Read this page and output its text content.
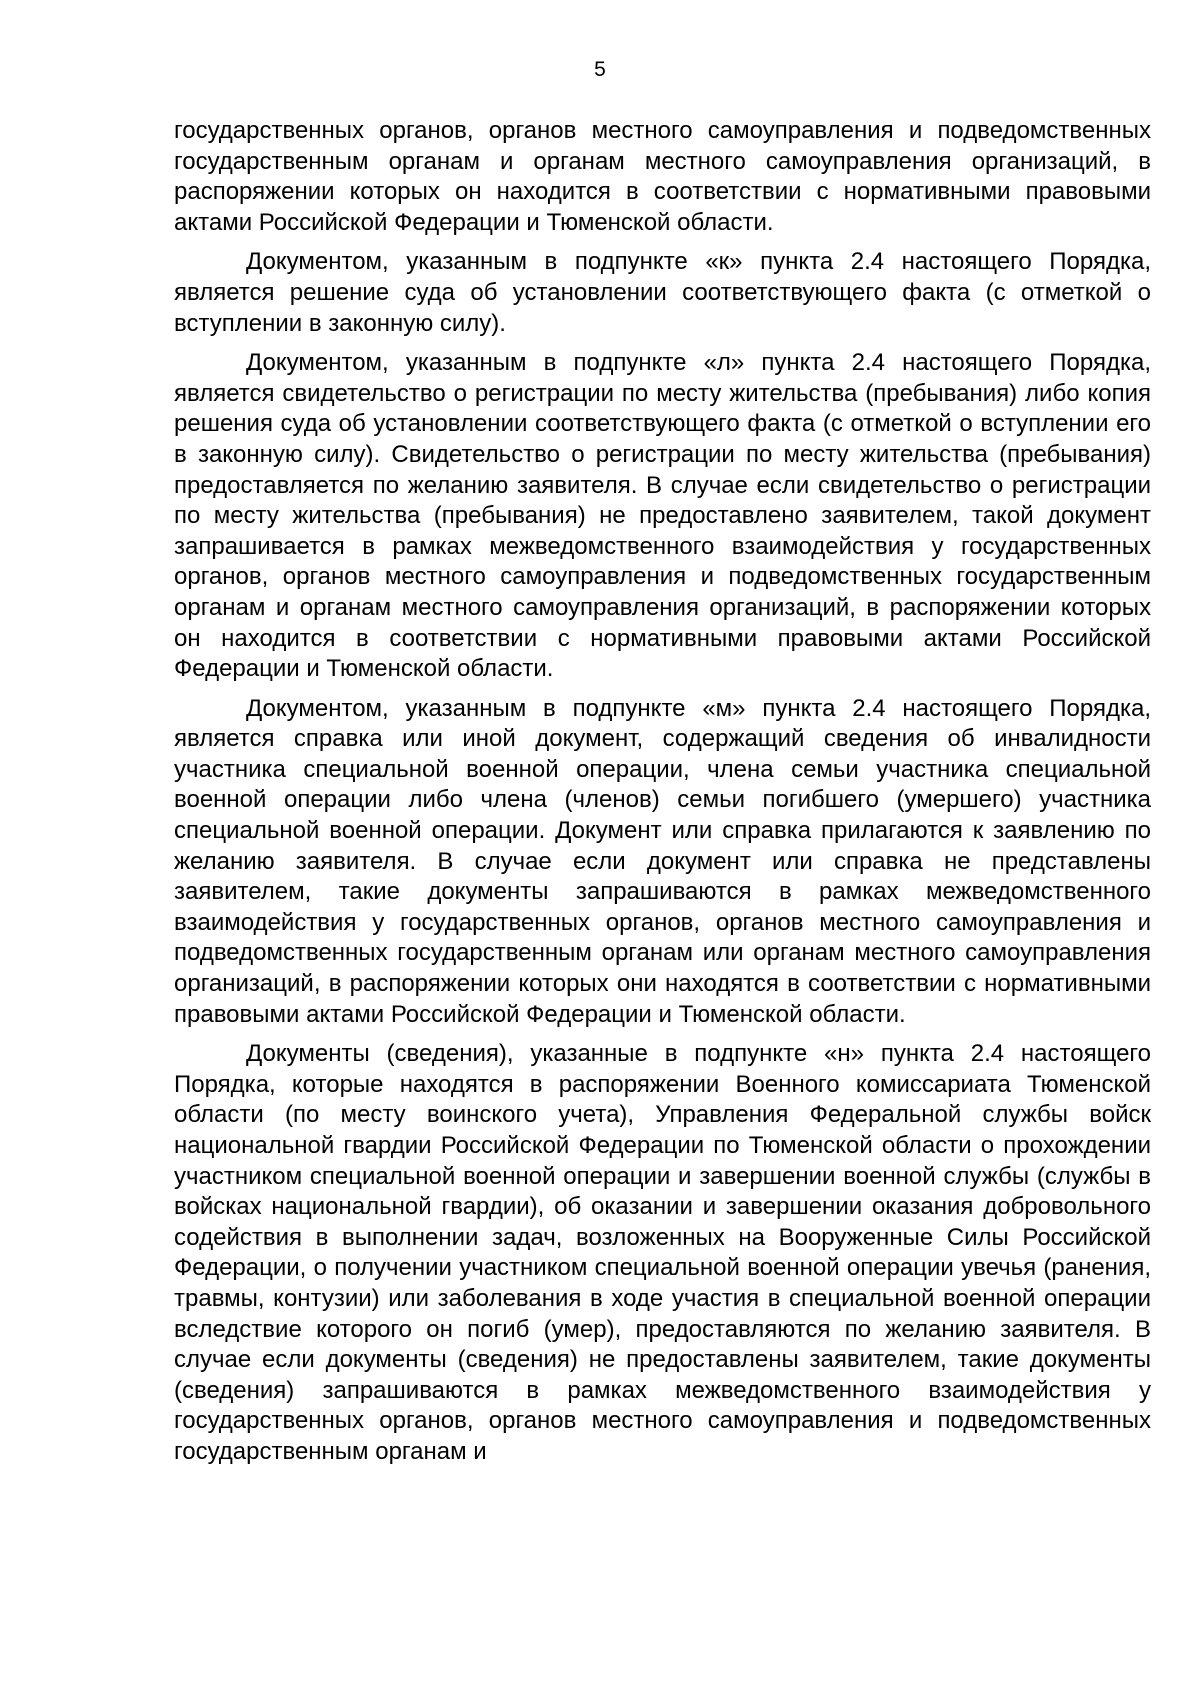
5

государственных органов, органов местного самоуправления и подведомственных государственным органам и органам местного самоуправления организаций, в распоряжении которых он находится в соответствии с нормативными правовыми актами Российской Федерации и Тюменской области.

Документом, указанным в подпункте «к» пункта 2.4 настоящего Порядка, является решение суда об установлении соответствующего факта (с отметкой о вступлении в законную силу).

Документом, указанным в подпункте «л» пункта 2.4 настоящего Порядка, является свидетельство о регистрации по месту жительства (пребывания) либо копия решения суда об установлении соответствующего факта (с отметкой о вступлении его в законную силу). Свидетельство о регистрации по месту жительства (пребывания) предоставляется по желанию заявителя. В случае если свидетельство о регистрации по месту жительства (пребывания) не предоставлено заявителем, такой документ запрашивается в рамках межведомственного взаимодействия у государственных органов, органов местного самоуправления и подведомственных государственным органам и органам местного самоуправления организаций, в распоряжении которых он находится в соответствии с нормативными правовыми актами Российской Федерации и Тюменской области.

Документом, указанным в подпункте «м» пункта 2.4 настоящего Порядка, является справка или иной документ, содержащий сведения об инвалидности участника специальной военной операции, члена семьи участника специальной военной операции либо члена (членов) семьи погибшего (умершего) участника специальной военной операции. Документ или справка прилагаются к заявлению по желанию заявителя. В случае если документ или справка не представлены заявителем, такие документы запрашиваются в рамках межведомственного взаимодействия у государственных органов, органов местного самоуправления и подведомственных государственным органам или органам местного самоуправления организаций, в распоряжении которых они находятся в соответствии с нормативными правовыми актами Российской Федерации и Тюменской области.

Документы (сведения), указанные в подпункте «н» пункта 2.4 настоящего Порядка, которые находятся в распоряжении Военного комиссариата Тюменской области (по месту воинского учета), Управления Федеральной службы войск национальной гвардии Российской Федерации по Тюменской области о прохождении участником специальной военной операции и завершении военной службы (службы в войсках национальной гвардии), об оказании и завершении оказания добровольного содействия в выполнении задач, возложенных на Вооруженные Силы Российской Федерации, о получении участником специальной военной операции увечья (ранения, травмы, контузии) или заболевания в ходе участия в специальной военной операции вследствие которого он погиб (умер), предоставляются по желанию заявителя. В случае если документы (сведения) не предоставлены заявителем, такие документы (сведения) запрашиваются в рамках межведомственного взаимодействия у государственных органов, органов местного самоуправления и подведомственных государственным органам и
